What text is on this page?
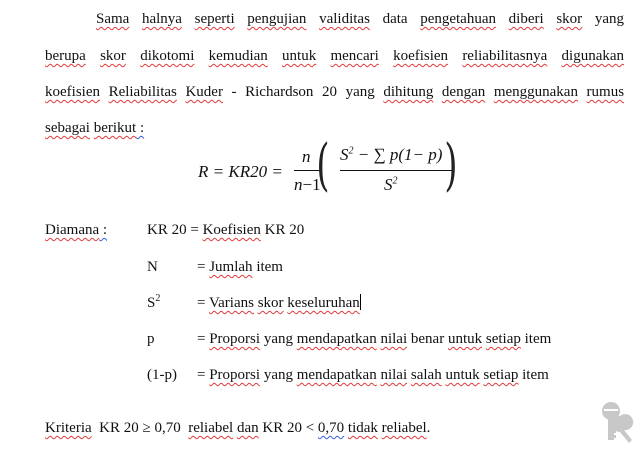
Sama halnya seperti pengujian validitas data pengetahuan diberi skor yang
berupa skor dikotomi kemudian untuk mencari koefisien reliabilitasnya digunakan
koefisien Reliabilitas Kuder - Richardson 20 yang dihitung dengan menggunakan rumus
sebagai berikut :
R = KR20 =
n
n−1
( $S^2$ − ∑ p(1− p)
$S^2$ )
Diamana :	KR 20 = Koefisien KR 20
N	= Jumlah item
$S^2$ = Varians skor keseluruhan
p	= Proporsi yang mendapatkan nilai benar untuk setiap item
(1-p) = Proporsi yang mendapatkan nilai salah untuk setiap item
Kriteria  KR 20 ≥ 0,70  reliabel dan KR 20 < 0,70 tidak reliabel.
